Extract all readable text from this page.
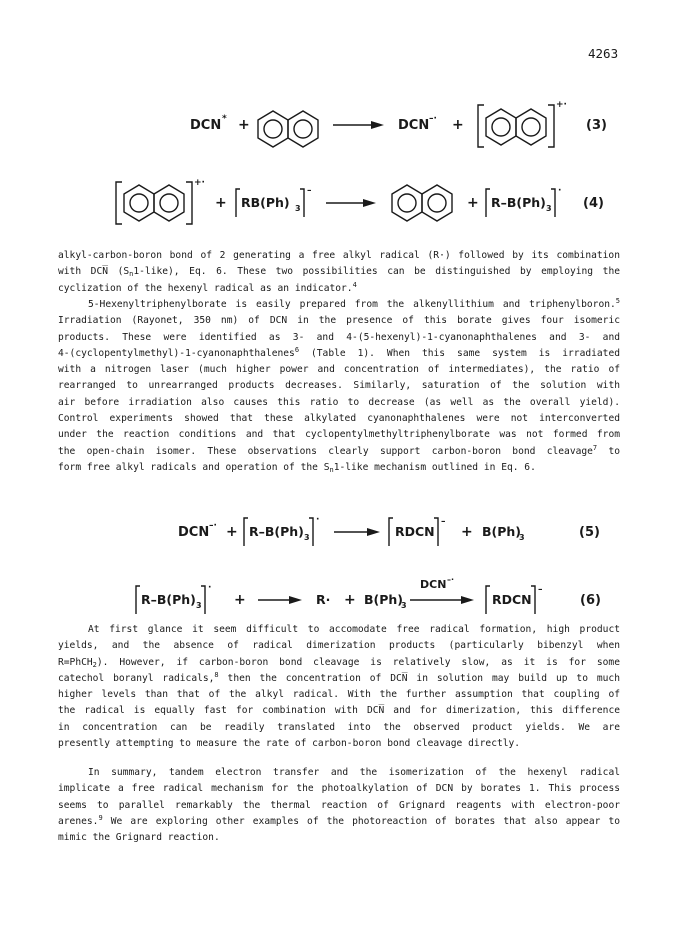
4263
DCN * +	DCN –· +
+·
(3)
+·
+ RB(Ph) 3
–
+ R–B(Ph) 3
·
(4)
alkyl-carbon-boron bond of 2 generating a free alkyl radical (R·) followed by its combination
with DCN̅ $(S_n1-like)$, Eq. 6. These two possibilities can be distinguished by employing the
cyclization of the hexenyl radical as an indicator.$^4$
5-Hexenyltriphenylborate is easily prepared from the alkenyllithium and triphenylboron.$^5$
Irradiation (Rayonet, 350 nm) of DCN in the presence of this borate gives four isomeric
products. These were identified as 3- and 4-(5-hexenyl)-1-cyanonaphthalenes and 3- and
4-(cyclopentylmethyl)-1-cyanonaphthalenes$^6$ (Table 1). When this same system is irradiated
with a nitrogen laser (much higher power and concentration of intermediates), the ratio of
rearranged to unrearranged products decreases. Similarly, saturation of the solution with
air before irradiation also causes this ratio to decrease (as well as the overall yield).
Control experiments showed that these alkylated cyanonaphthalenes were not interconverted
under the reaction conditions and that cyclopentylmethyltriphenylborate was not formed from
the open-chain isomer. These observations clearly support carbon-boron bond cleavage$^7$ to
form free alkyl radicals and operation of the $S_n1$-like mechanism outlined in Eq. 6.
DCN –· + R–B(Ph) 3
·
RDCN
–
+ B(Ph)
3	(5)
R–B(Ph) 3
·
+	R· + B(Ph)
3
DCN –·
RDCN
–
(6)
At first glance it seem difficult to accomodate free radical formation, high product
yields, and the absence of radical dimerization products (particularly bibenzyl when
R=PhCH$_2$). However, if carbon-boron bond cleavage is relatively slow, as it is for some
catechol boranyl radicals,$^8$ then the concentration of DCN̅ in solution may build up to much
higher levels than that of the alkyl radical. With the further assumption that coupling of
the radical is equally fast for combination with DCN̅ and for dimerization, this difference
in concentration can be readily translated into the observed product yields. We are
presently attempting to measure the rate of carbon-boron bond cleavage directly.
In summary, tandem electron transfer and the isomerization of the hexenyl radical
implicate a free radical mechanism for the photoalkylation of DCN by borates 1. This process
seems to parallel remarkably the thermal reaction of Grignard reagents with electron-poor
arenes.$^9$ We are exploring other examples of the photoreaction of borates that also appear to
mimic the Grignard reaction.
